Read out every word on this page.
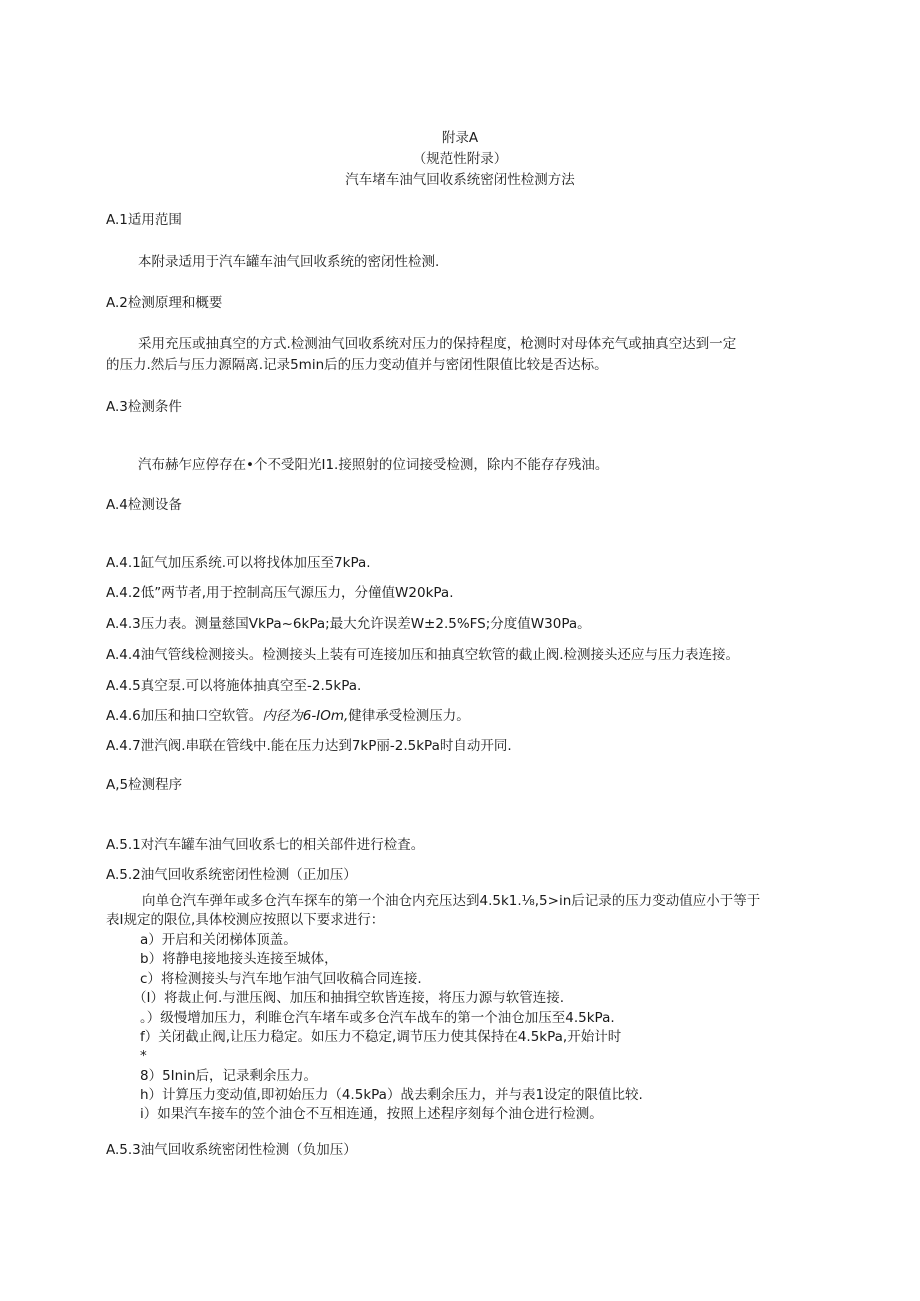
附录A
（规范性附录）
汽车堵车油气回收系统密闭性检测方法
A.1适用范围
本附录适用于汽车罐车油气回收系统的密闭性检测.
A.2检测原理和概要
采用充压或抽真空的方式.检测油气回收系统对压力的保持程度，枪测时对母体充气或抽真空达到一定
的压力.然后与压力源隔离.记录5min后的压力变动值并与密闭性限值比较是否达标。
A.3检测条件
汽布赫乍应停存在•个不受阳光I1.接照射的位词接受检测，除内不能存存残油。
A.4检测设备
A.4.1缸气加压系统.可以将找体加压至7kPa.
A.4.2低”两节者,用于控制高压气源压力，分僮值W20kPa.
A.4.3压力表。测量慈国VkPa~6kPa;最大允许误差W±2.5%FS;分度值W30Pa。
A.4.4油气管线检测接头。检测接头上装有可连接加压和抽真空软管的截止阀.检测接头还应与压力表连接。
A.4.5真空泵.可以将施体抽真空至-2.5kPa.
A.4.6加压和抽口空软管。内径为6-IOm,健律承受检测压力。
A.4.7泄汽阀.串联在管线中.能在压力达到7kP丽-2.5kPa时自动开同.
A,5检测程序
A.5.1对汽车罐车油气回收系七的相关部件进行检査。
A.5.2油气回收系统密闭性检测（正加压）
向单仓汽车弹年或多仓汽车探车的第一个油仓内充压达到4.5k1.⅛,5>in后记录的压力变动值应小于等于
表I规定的限位,具体校测应按照以下要求进行：
a）开启和关闭梯体顶盖。
b）将静电接地接头连接至城体，
c）将检测接头与汽车地乍油气回收稿合同连接.
（I）将裁止何.与泄压阀、加压和抽揖空软皆连接，将压力源与软管连接.
。）级慢增加压力，利睢仓汽车堵车或多仓汽车战车的第一个油仓加压至4.5kPa.
f）关闭截止阀,让压力稳定。如压力不稳定,调节压力使其保持在4.5kPa,开始计时
*
8）5Inin后，记录剩余压力。
h）计算压力变动值,即初始压力（4.5kPa）战去剩余压力，并与表1设定的限值比较.
i）如果汽车接车的笠个油仓不互相连通，按照上述程序刻每个油仓进行检测。
A.5.3油气回收系统密闭性检测（负加压）
